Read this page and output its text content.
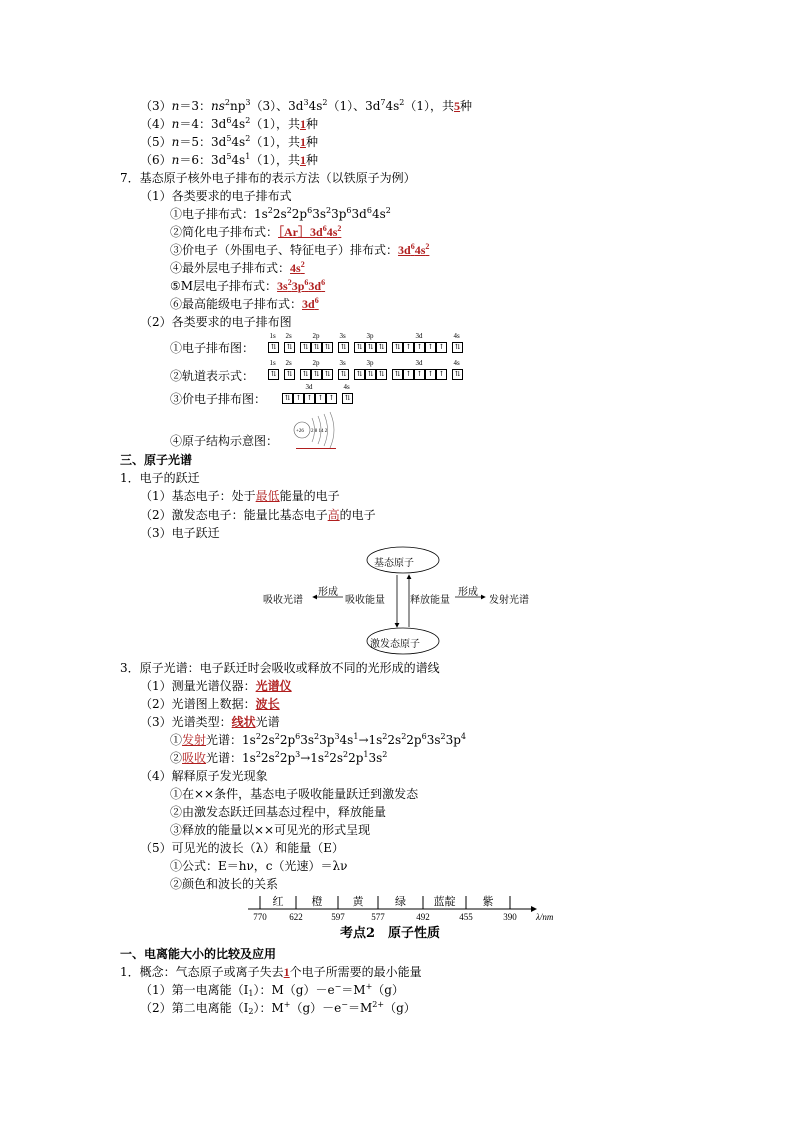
（3）n＝3：$ns^2np^3(3)$、$3d^34s^2(1)$、$3d^74s^2(1)$，共5种
（4）n＝4：$3d^64s^2(1)$，共1种
（5）n＝5：$3d^54s^2(1)$，共1种
（6）n＝6：$3d^54s^1(1)$，共1种
7．基态原子核外电子排布的表示方法（以铁原子为例）
（1）各类要求的电子排布式
①电子排布式：$1s^22s^22p^63s^23p^63d^64s^2$
②简化电子排布式：$[Ar]3d^64s^2$
③价电子（外围电子、特征电子）排布式：$3d^64s^2$
④最外层电子排布式：$4s^2$
⑤M层电子排布式：$3s^23p^63d^6$
⑥最高能级电子排布式：$3d^6$
（2）各类要求的电子排布图
①电子排布图：
②轨道表示式：
③价电子排布图：
④原子结构示意图：
1s
⇅
2s
⇅
2p
⇅ ⇅ ⇅
3s
⇅
3p
⇅ ⇅ ⇅
3d
⇅ ↑ ↑ ↑ ↑
4s
⇅
1s
⇅
2s
⇅
2p
⇅ ⇅ ⇅
3s
⇅
3p
⇅ ⇅ ⇅
3d
⇅ ↑ ↑ ↑ ↑
4s
⇅
3d
⇅ ↑ ↑ ↑ ↑
4s
⇅
+26 2 8 14 2
三、原子光谱
1．电子的跃迁
（1）基态电子：处于最低能量的电子
（2）激发态电子：能量比基态电子高的电子
（3）电子跃迁
基态原子
激发态原子
吸收光谱
形成
吸收能量	释放能量
形成
发射光谱
3．原子光谱：电子跃迁时会吸收或释放不同的光形成的谱线
（1）测量光谱仪器：光谱仪
（2）光谱图上数据：波长
（3）光谱类型：线状光谱
①发射光谱：$1s^22s^22p^63s^23p^34s^1\to 1s^22s^22p^63s^23p^4$
②吸收光谱：$1s^22s^22p^3\to 1s^22s^22p^13s^2$
（4）解释原子发光现象
①在××条件，基态电子吸收能量跃迁到激发态
②由激发态跃迁回基态过程中，释放能量
③释放的能量以××可见光的形式呈现
（5）可见光的波长（λ）和能量（E）
①公式：E＝hν，c（光速）＝λν
②颜色和波长的关系
770
红
622
橙
597
黄
577
绿
492
蓝靛
455
紫
390 λ/nm
考点2　原子性质
一、电离能大小的比较及应用
1．概念：气态原子或离子失去1个电子所需要的最小能量
（1）第一电离能$(I_1)$：M（g）－e−＝M+（g）
（2）第二电离能$(I_2)$：$M^+(g)-e^-=M^{2+}(g)$
